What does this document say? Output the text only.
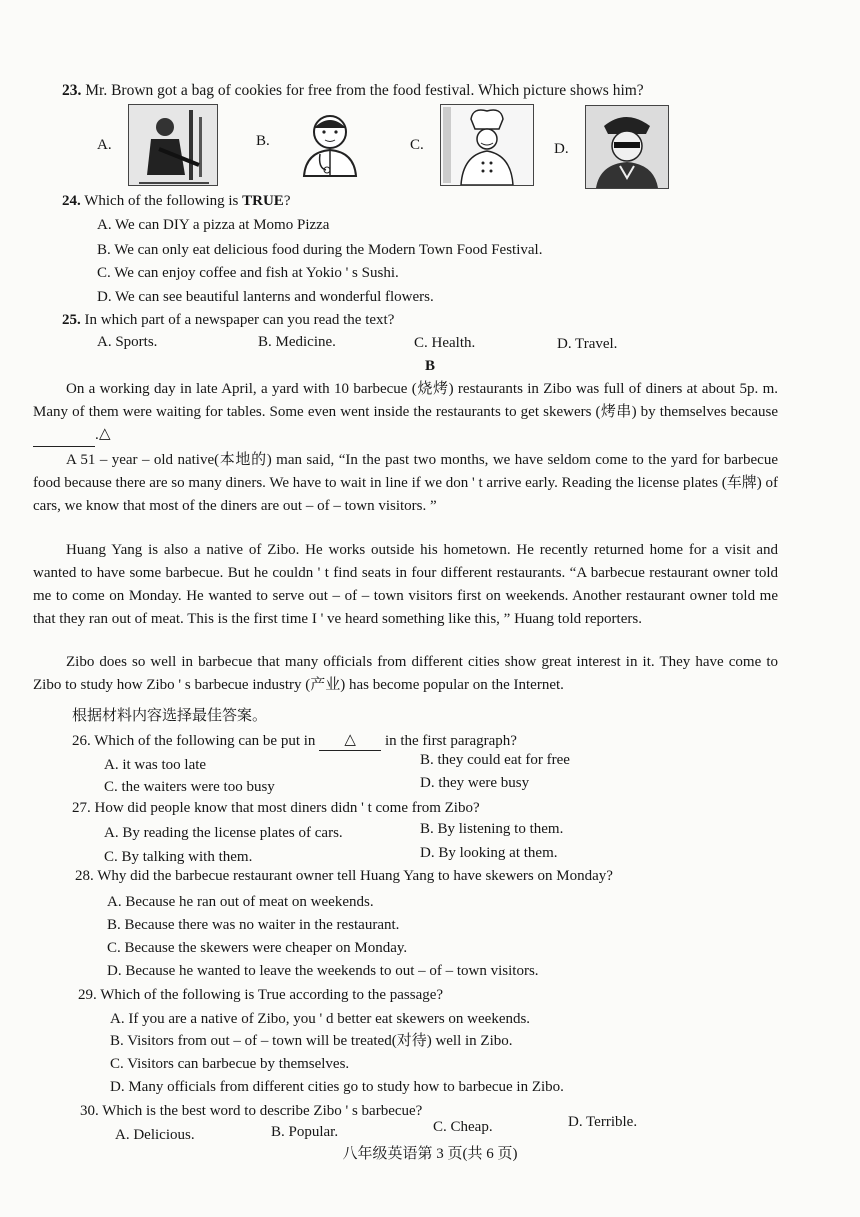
23. Mr. Brown got a bag of cookies for free from the food festival. Which picture shows him?
A.	B.	C.	D.
24. Which of the following is TRUE?
A. We can DIY a pizza at Momo Pizza
B. We can only eat delicious food during the Modern Town Food Festival.
C. We can enjoy coffee and fish at Yokio ' s Sushi.
D. We can see beautiful lanterns and wonderful flowers.
25. In which part of a newspaper can you read the text?
A. Sports.	B. Medicine.	C. Health.	D. Travel.
B
On a working day in late April, a yard with 10 barbecue (烧烤) restaurants in Zibo was full of diners at about 5p. m. Many of them were waiting for tables. Some even went inside the restaurants to get skewers (烤串) by themselves because △.
A 51 – year – old native(本地的) man said, “In the past two months, we have seldom come to the yard for barbecue food because there are so many diners. We have to wait in line if we don ' t arrive early. Reading the license plates (车牌) of cars, we know that most of the diners are out – of – town visitors. ”
Huang Yang is also a native of Zibo. He works outside his hometown. He recently returned home for a visit and wanted to have some barbecue. But he couldn ' t find seats in four different restaurants. “A barbecue restaurant owner told me to come on Monday. He wanted to serve out – of – town visitors first on weekends. Another restaurant owner told me that they ran out of meat. This is the first time I ' ve heard something like this, ” Huang told reporters.
Zibo does so well in barbecue that many officials from different cities show great interest in it. They have come to Zibo to study how Zibo ' s barbecue industry (产业) has become popular on the Internet.
根据材料内容选择最佳答案。
26. Which of the following can be put in △ in the first paragraph?
A. it was too late	B. they could eat for free
C. the waiters were too busy	D. they were busy
27. How did people know that most diners didn ' t come from Zibo?
A. By reading the license plates of cars.	B. By listening to them.
C. By talking with them.	D. By looking at them.
28. Why did the barbecue restaurant owner tell Huang Yang to have skewers on Monday?
A. Because he ran out of meat on weekends.
B. Because there was no waiter in the restaurant.
C. Because the skewers were cheaper on Monday.
D. Because he wanted to leave the weekends to out – of – town visitors.
29. Which of the following is True according to the passage?
A. If you are a native of Zibo, you ' d better eat skewers on weekends.
B. Visitors from out – of – town will be treated(对待) well in Zibo.
C. Visitors can barbecue by themselves.
D. Many officials from different cities go to study how to barbecue in Zibo.
30. Which is the best word to describe Zibo ' s barbecue?
A. Delicious.	B. Popular.	C. Cheap.	D. Terrible.
八年级英语第 3 页(共 6 页)
